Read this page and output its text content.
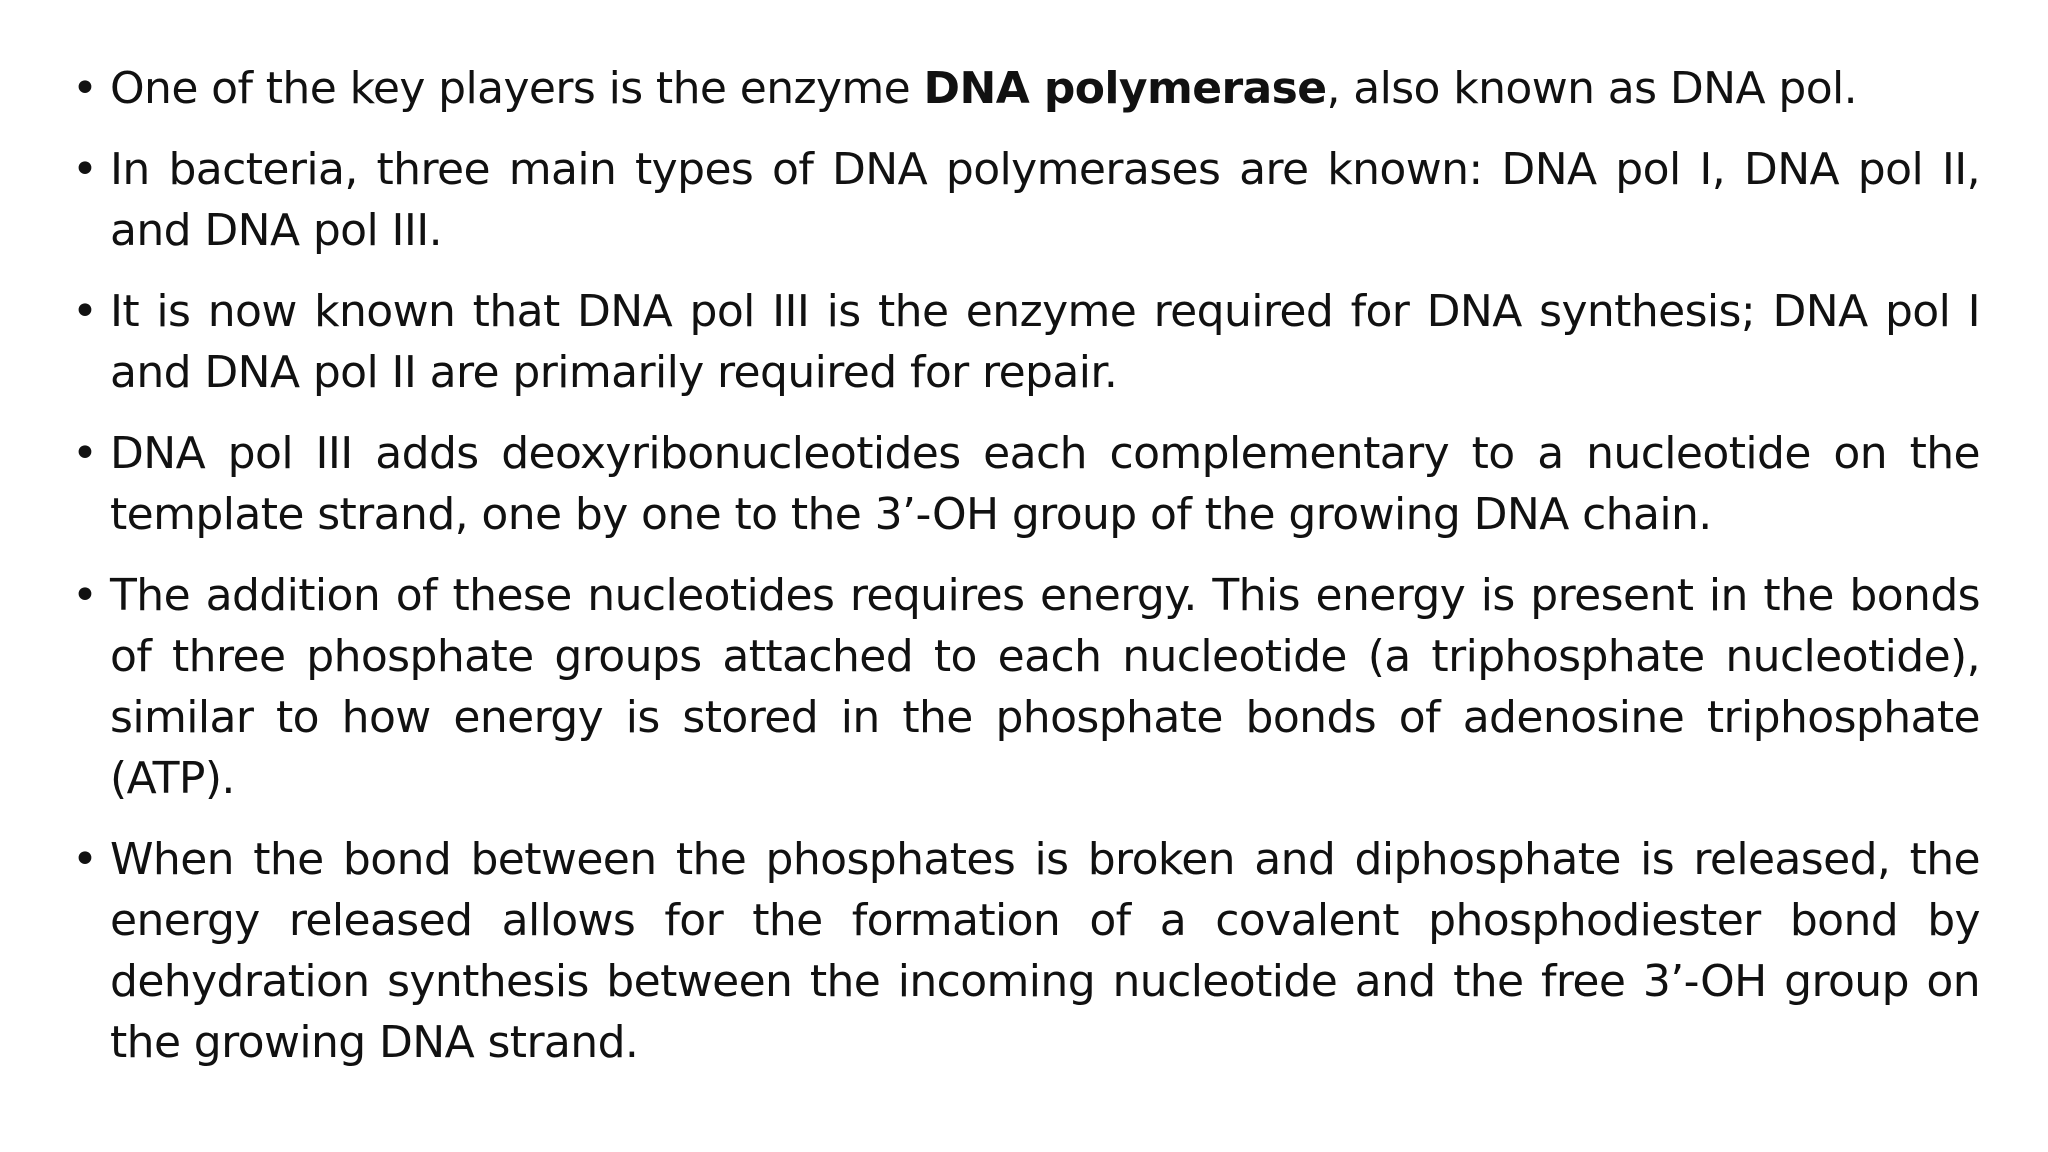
• One of the key players is the enzyme DNA polymerase, also known as DNA pol.
• In bacteria, three main types of DNA polymerases are known: DNA pol I, DNA pol II, and DNA pol III.
• It is now known that DNA pol III is the enzyme required for DNA synthesis; DNA pol I and DNA pol II are primarily required for repair.
• DNA pol III adds deoxyribonucleotides each complementary to a nucleotide on the template strand, one by one to the 3’-OH group of the growing DNA chain.
• The addition of these nucleotides requires energy. This energy is present in the bonds of three phosphate groups attached to each nucleotide (a triphosphate nucleotide), similar to how energy is stored in the phosphate bonds of adenosine triphosphate (ATP).
• When the bond between the phosphates is broken and diphosphate is released, the energy released allows for the formation of a covalent phosphodiester bond by dehydration synthesis between the incoming nucleotide and the free 3’-OH group on the growing DNA strand.
